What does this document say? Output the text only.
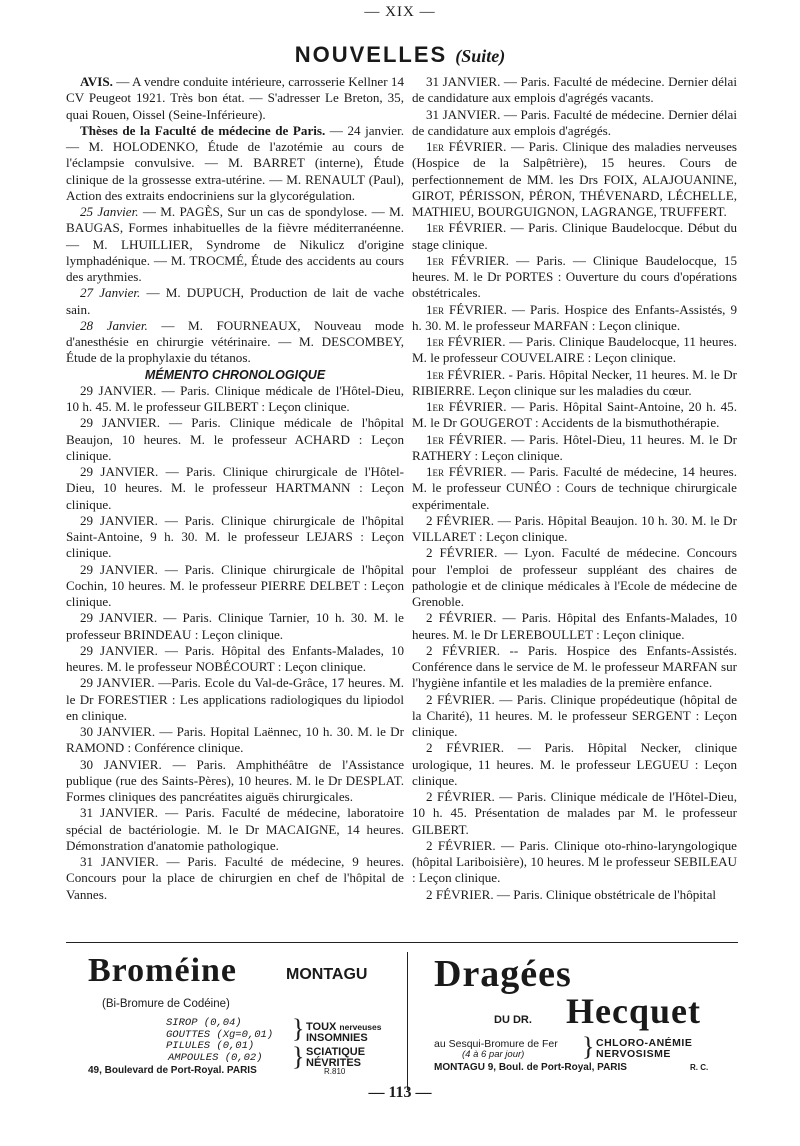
— XIX —
NOUVELLES (Suite)

AVIS. — A vendre conduite intérieure, carrosserie Kellner 14 CV Peugeot 1921. Très bon état. — S'adresser Le Breton, 35, quai Rouen, Oissel (Seine-Inférieure).

Thèses de la Faculté de médecine de Paris. — 24 janvier. — M. HOLODENKO, Étude de l'azotémie au cours de l'éclampsie convulsive. — M. BARRET (interne), Étude clinique de la grossesse extra-utérine. — M. RENAULT (Paul), Action des extraits endocriniens sur la glycorégulation.

25 Janvier. — M. PAGÈS, Sur un cas de spondylose. — M. BAUGAS, Formes inhabituelles de la fièvre méditerranéenne. — M. LHUILLIER, Syndrome de Nikulicz d'origine lymphadénique. — M. TROCMÉ, Étude des accidents au cours des arythmies.

27 Janvier. — M. DUPUCH, Production de lait de vache sain.

28 Janvier. — M. FOURNEAUX, Nouveau mode d'anesthésie en chirurgie vétérinaire. — M. DESCOMBEY, Étude de la prophylaxie du tétanos.

MÉMENTO CHRONOLOGIQUE

29 JANVIER. — Paris. Clinique médicale de l'Hôtel-Dieu, 10 h. 45. M. le professeur GILBERT : Leçon clinique.

29 JANVIER. — Paris. Clinique médicale de l'hôpital Beaujon, 10 heures. M. le professeur ACHARD : Leçon clinique.

29 JANVIER. — Paris. Clinique chirurgicale de l'Hôtel-Dieu, 10 heures. M. le professeur HARTMANN : Leçon clinique.

29 JANVIER. — Paris. Clinique chirurgicale de l'hôpital Saint-Antoine, 9 h. 30. M. le professeur LEJARS : Leçon clinique.

29 JANVIER. — Paris. Clinique chirurgicale de l'hôpital Cochin, 10 heures. M. le professeur PIERRE DELBET : Leçon clinique.

29 JANVIER. — Paris. Clinique Tarnier, 10 h. 30. M. le professeur BRINDEAU : Leçon clinique.

29 JANVIER. — Paris. Hôpital des Enfants-Malades, 10 heures. M. le professeur NOBÉCOURT : Leçon clinique.

29 JANVIER. —Paris. Ecole du Val-de-Grâce, 17 heures. M. le Dr FORESTIER : Les applications radiologiques du lipiodol en clinique.

30 JANVIER. — Paris. Hopital Laënnec, 10 h. 30. M. le Dr RAMOND : Conférence clinique.

30 JANVIER. — Paris. Amphithéâtre de l'Assistance publique (rue des Saints-Pères), 10 heures. M. le Dr DESPLAT. Formes cliniques des pancréatites aiguës chirurgicales.

31 JANVIER. — Paris. Faculté de médecine, laboratoire spécial de bactériologie. M. le Dr MACAIGNE, 14 heures. Démonstration d'anatomie pathologique.

31 JANVIER. — Paris. Faculté de médecine, 9 heures. Concours pour la place de chirurgien en chef de l'hôpital de Vannes.

31 JANVIER. — Paris. Faculté de médecine. Dernier délai de candidature aux emplois d'agrégés vacants.

31 JANVIER. — Paris. Faculté de médecine. Dernier délai de candidature aux emplois d'agrégés.

1er FÉVRIER. — Paris. Clinique des maladies nerveuses (Hospice de la Salpêtrière), 15 heures. Cours de perfectionnement de MM. les Drs FOIX, ALAJOUANINE, GIROT, PÉRISSON, PÉRON, THÉVENARD, LÉCHELLE, MATHIEU, BOURGUIGNON, LAGRANGE, TRUFFERT.

1er FÉVRIER. — Paris. Clinique Baudelocque. Début du stage clinique.

1er FÉVRIER. — Paris. — Clinique Baudelocque, 15 heures. M. le Dr PORTES : Ouverture du cours d'opérations obstétricales.

1er FÉVRIER. — Paris. Hospice des Enfants-Assistés, 9 h. 30. M. le professeur MARFAN : Leçon clinique.

1er FÉVRIER. — Paris. Clinique Baudelocque, 11 heures. M. le professeur COUVELAIRE : Leçon clinique.

1er FÉVRIER. - Paris. Hôpital Necker, 11 heures. M. le Dr RIBIERRE. Leçon clinique sur les maladies du cœur.

1er FÉVRIER. — Paris. Hôpital Saint-Antoine, 20 h. 45. M. le Dr GOUGEROT : Accidents de la bismuthothérapie.

1er FÉVRIER. — Paris. Hôtel-Dieu, 11 heures. M. le Dr RATHERY : Leçon clinique.

1er FÉVRIER. — Paris. Faculté de médecine, 14 heures. M. le professeur CUNÉO : Cours de technique chirurgicale expérimentale.

2 FÉVRIER. — Paris. Hôpital Beaujon. 10 h. 30. M. le Dr VILLARET : Leçon clinique.

2 FÉVRIER. — Lyon. Faculté de médecine. Concours pour l'emploi de professeur suppléant des chaires de pathologie et de clinique médicales à l'Ecole de médecine de Grenoble.

2 FÉVRIER. — Paris. Hôpital des Enfants-Malades, 10 heures. M. le Dr LEREBOULLET : Leçon clinique.

2 FÉVRIER. -- Paris. Hospice des Enfants-Assistés. Conférence dans le service de M. le professeur MARFAN sur l'hygiène infantile et les maladies de la première enfance.

2 FÉVRIER. — Paris. Clinique propédeutique (hôpital de la Charité), 11 heures. M. le professeur SERGENT : Leçon clinique.

2 FÉVRIER. — Paris. Hôpital Necker, clinique urologique, 11 heures. M. le professeur LEGUEU : Leçon clinique.

2 FÉVRIER. — Paris. Clinique médicale de l'Hôtel-Dieu, 10 h. 45. Présentation de malades par M. le professeur GILBERT.

2 FÉVRIER. — Paris. Clinique oto-rhino-laryngologique (hôpital Lariboisière), 10 heures. M le professeur SEBILEAU : Leçon clinique.

2 FÉVRIER. — Paris. Clinique obstétricale de l'hôpital

Broméine	MONTAGU
(Bi-Bromure de Codéine)
SIROP (0,04)
GOUTTES (Xg=0,01)
PILULES (0,01)
} TOUX nerveuses
INSOMNIES
AMPOULES (0,02) } SCIATIQUE
NÉVRITES
49, Boulevard de Port-Royal. PARIS	R.810
Dragées
DU DR. Hecquet
au Sesqui-Bromure de Fer
(4 à 6 par jour) } CHLORO-ANÉMIE
NERVOSISME
MONTAGU 9, Boul. de Port-Royal, PARIS	R. C.
— 113 —
